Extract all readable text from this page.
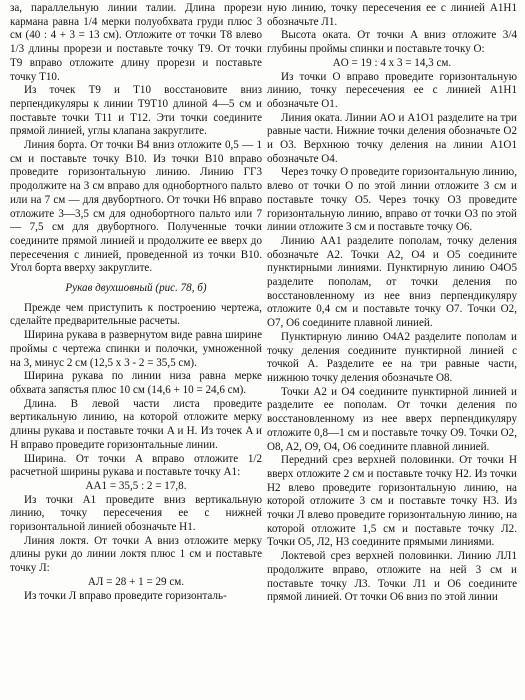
за, параллельную линии талии. Длина прорези кармана равна 1/4 мерки полуобхвата груди плюс 3 см (40 : 4 + 3 = 13 см). Отложите от точки T8 влево 1/3 длины прорези и поставьте точку T9. От точки T9 вправо отложите длину прорези и поставьте точку T10.
Из точек T9 и T10 восстановите вниз перпендикуляры к линии T9T10 длиной 4—5 см и поставьте точки T11 и T12. Эти точки соедините прямой линией, углы клапана закруглите.
Линия борта. От точки B4 вниз отложите 0,5 — 1 см и поставьте точку B10. Из точки B10 вправо проведите горизонтальную линию. Линию ГГ3 продолжите на 3 см вправо для однобортного пальто или на 7 см — для двубортного. От точки H6 вправо отложите 3—3,5 см для однобортного пальто или 7 — 7,5 см для двубортного. Полученные точки соедините прямой линией и продолжите ее вверх до пересечения с линией, проведенной из точки B10. Угол борта вверху закруглите.
Рукав двухшовный (рис. 78, б)
Прежде чем приступить к построению чертежа, сделайте предварительные расчеты.
Ширина рукава в развернутом виде равна ширине проймы с чертежа спинки и полочки, умноженной на 3, минус 2 см (12,5 х 3 - 2 = 35,5 см).
Ширина рукава по линии низа равна мерке обхвата запястья плюс 10 см (14,6 + 10 = 24,6 см).
Длина. В левой части листа проведите вертикальную линию, на которой отложите мерку длины рукава и поставьте точки A и H. Из точек A и H вправо проведите горизонтальные линии.
Ширина. От точки A вправо отложите 1/2 расчетной ширины рукава и поставьте точку A1:
AA1 = 35,5 : 2 = 17,8.
Из точки A1 проведите вниз вертикальную линию, точку пересечения ее с нижней горизонтальной линией обозначьте H1.
Линия локтя. От точки A вниз отложите мерку длины руки до линии локтя плюс 1 см и поставьте точку Л:
АЛ = 28 + 1 = 29 см.
Из точки Л вправо проведите горизонталь-
ную линию, точку пересечения ее с линией A1H1 обозначьте Л1.
Высота оката. От точки A вниз отложите 3/4 глубины проймы спинки и поставьте точку O:
AO = 19 : 4 x 3 = 14,3 см.
Из точки O вправо проведите горизонтальную линию, точку пересечения ее с линией A1H1 обозначьте O1.
Линия оката. Линии AO и A1O1 разделите на три равные части. Нижние точки деления обозначьте O2 и O3. Верхнюю точку деления на линии A1O1 обозначьте O4.
Через точку O проведите горизонтальную линию, влево от точки O по этой линии отложите 3 см и поставьте точку O5. Через точку O3 проведите горизонтальную линию, вправо от точки O3 по этой линии отложите 3 см и поставьте точку O6.
Линию AA1 разделите пополам, точку деления обозначьте A2. Точки A2, O4 и O5 соедините пунктирными линиями. Пунктирную линию O4O5 разделите пополам, от точки деления по восстановленному из нее вниз перпендикуляру отложите 0,4 см и поставьте точку O7. Точки O2, O7, O6 соедините плавной линией.
Пунктирную линию O4A2 разделите пополам и точку деления соедините пунктирной линией с точкой A. Разделите ее на три равные части, нижнюю точку деления обозначьте O8.
Точки A2 и O4 соедините пунктирной линией и разделите ее пополам. От точки деления по восстановленному из нее вверх перпендикуляру отложите 0,8—1 см и поставьте точку O9. Точки O2, O8, A2, O9, O4, O6 соедините плавной линией.
Передний срез верхней половинки. От точки H вверх отложите 2 см и поставьте точку H2. Из точки H2 влево проведите горизонтальную линию, на которой отложите 3 см и поставьте точку H3. Из точки Л влево проведите горизонтальную линию, на которой отложите 1,5 см и поставьте точку Л2. Точки O5, Л2, H3 соедините прямыми линиями.
Локтевой срез верхней половинки. Линию ЛЛ1 продолжите вправо, отложите на ней 3 см и поставьте точку Л3. Точки Л1 и O6 соедините прямой линией. От точки O6 вниз по этой линии
